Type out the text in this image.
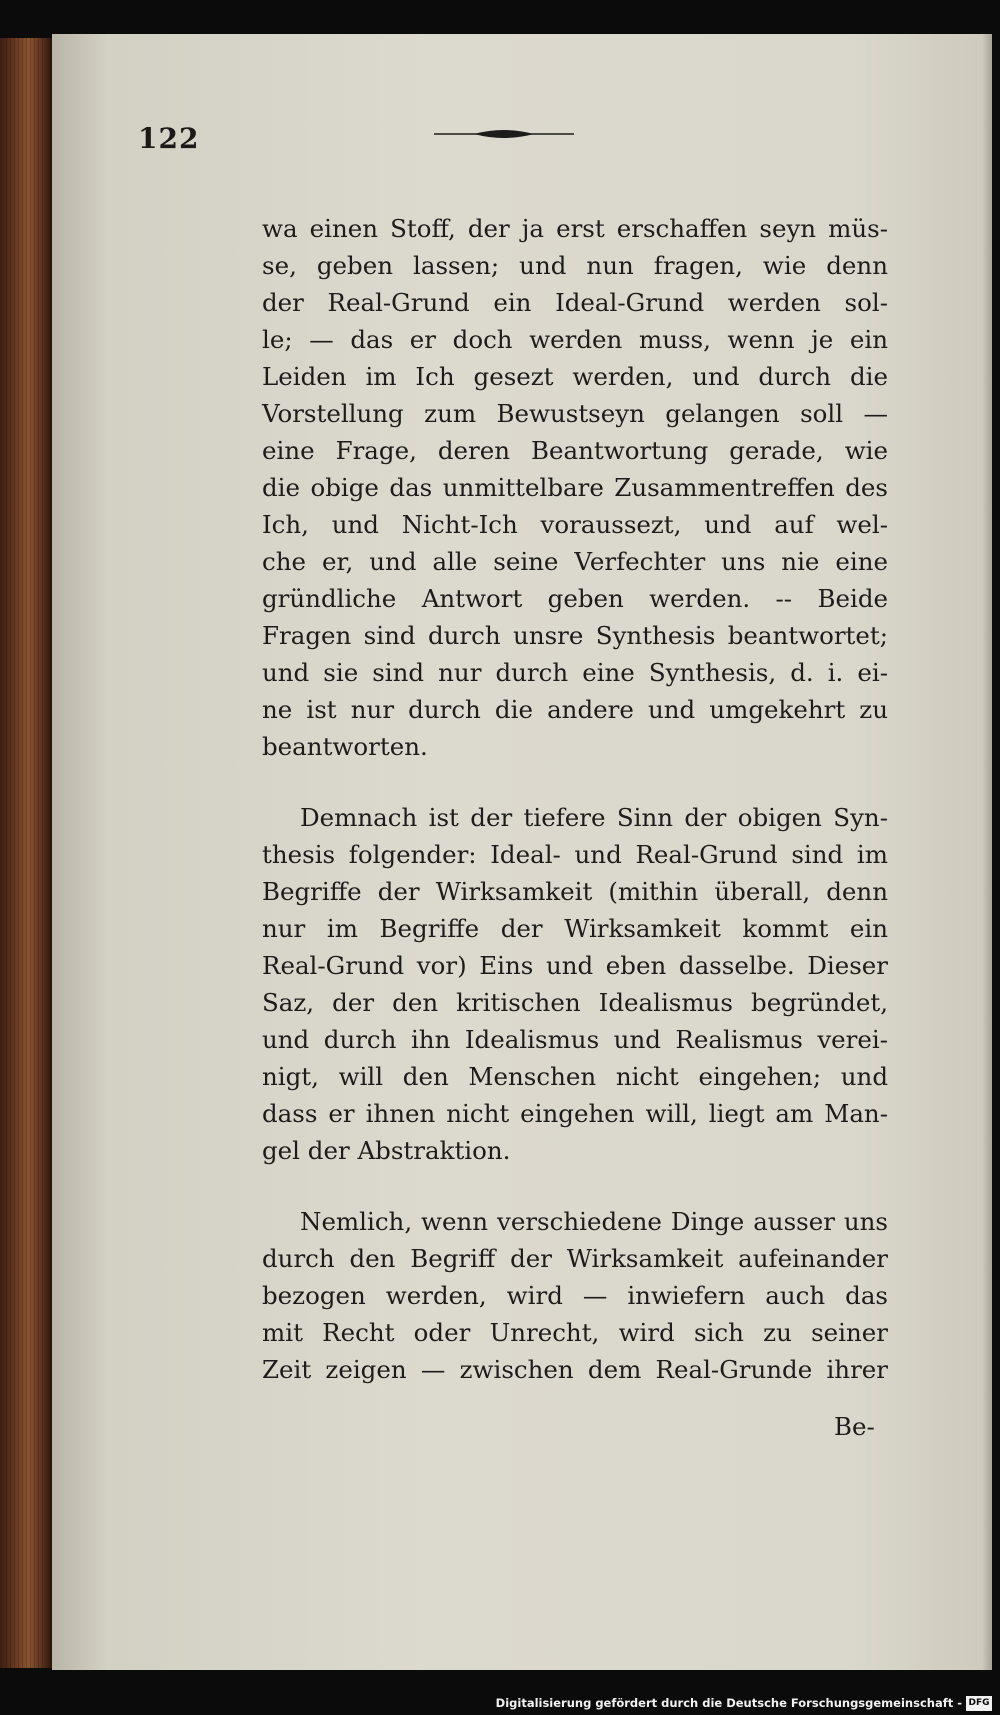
122
wa einen Stoff, der ja erst erschaffen seyn müs-
se, geben lassen; und nun fragen, wie denn
der Real-Grund ein Ideal-Grund werden sol-
le; — das er doch werden muss, wenn je ein
Leiden im Ich gesezt werden, und durch die
Vorstellung zum Bewustseyn gelangen soll —
eine Frage, deren Beantwortung gerade, wie
die obige das unmittelbare Zusammentreffen des
Ich, und Nicht-Ich voraussezt, und auf wel-
che er, und alle seine Verfechter uns nie eine
gründliche Antwort geben werden. -- Beide
Fragen sind durch unsre Synthesis beantwortet;
und sie sind nur durch eine Synthesis, d. i. ei-
ne ist nur durch die andere und umgekehrt zu
beantworten.
Demnach ist der tiefere Sinn der obigen Syn-
thesis folgender: Ideal- und Real-Grund sind im
Begriffe der Wirksamkeit (mithin überall, denn
nur im Begriffe der Wirksamkeit kommt ein
Real-Grund vor) Eins und eben dasselbe. Dieser
Saz, der den kritischen Idealismus begründet,
und durch ihn Idealismus und Realismus verei-
nigt, will den Menschen nicht eingehen; und
dass er ihnen nicht eingehen will, liegt am Man-
gel der Abstraktion.
Nemlich, wenn verschiedene Dinge ausser uns
durch den Begriff der Wirksamkeit aufeinander
bezogen werden, wird — inwiefern auch das
mit Recht oder Unrecht, wird sich zu seiner
Zeit zeigen — zwischen dem Real-Grunde ihrer
Be-
Digitalisierung gefördert durch die Deutsche Forschungsgemeinschaft - DFG
